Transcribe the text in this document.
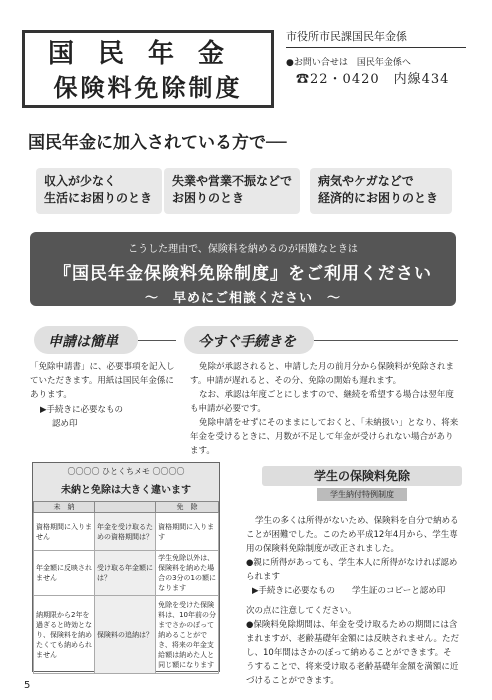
国民年金
保険料免除制度
市役所市民課国民年金係
●お問い合せは　国民年金係へ
☎22・0420　内線434
国民年金に加入されている方で──
収入が少なく
生活にお困りのとき
失業や営業不振などで
お困りのとき
病気やケガなどで
経済的にお困りのとき
こうした理由で、保険料を納めるのが困難なときは
『国民年金保険料免除制度』をご利用ください
～　早めにご相談ください　～
申請は簡単
「免除申請書」に、必要事項を記入していただきます。用紙は国民年金係にあります。
▶手続きに必要なもの
認め印
今すぐ手続きを
免除が承認されると、申請した月の前月分から保険料が免除されます。申請が遅れると、その分、免除の開始も遅れます。
なお、承認は年度ごとにしますので、継続を希望する場合は翌年度も申請が必要です。
免除申請をせずにそのままにしておくと、「未納扱い」となり、将来年金を受けるときに、月数が不足して年金が受けられない場合があります。
〇〇〇〇 ひとくちメモ 〇〇〇〇
未納と免除は大きく違います
未　納		免　除
資格期間に入りません	年金を受け取るための資格期間は？	資格期間に入ります
年金額に反映されません	受け取る年金額には？	学生免除以外は、保険料を納めた場合の3分の1の額になります
納期限から2年を過ぎると時効となり、保険料を納めたくても納められません	保険料の追納は？	免除を受けた保険料は、10年前の分までさかのぼって納めることができ、将来の年金支給額は納めた人と同じ額になります
学生の保険料免除
学生納付特例制度
学生の多くは所得がないため、保険料を自分で納めることが困難でした。このため平成12年4月から、学生専用の保険料免除制度が改正されました。
●親に所得があっても、学生本人に所得がなければ認められます
▶手続きに必要なもの　　学生証のコピーと認め印
次の点に注意してください。
●保険料免除期間は、年金を受け取るための期間には含まれますが、老齢基礎年金額には反映されません。ただし、10年間はさかのぼって納めることができます。そうすることで、将来受け取る老齢基礎年金額を満額に近づけることができます。
5
